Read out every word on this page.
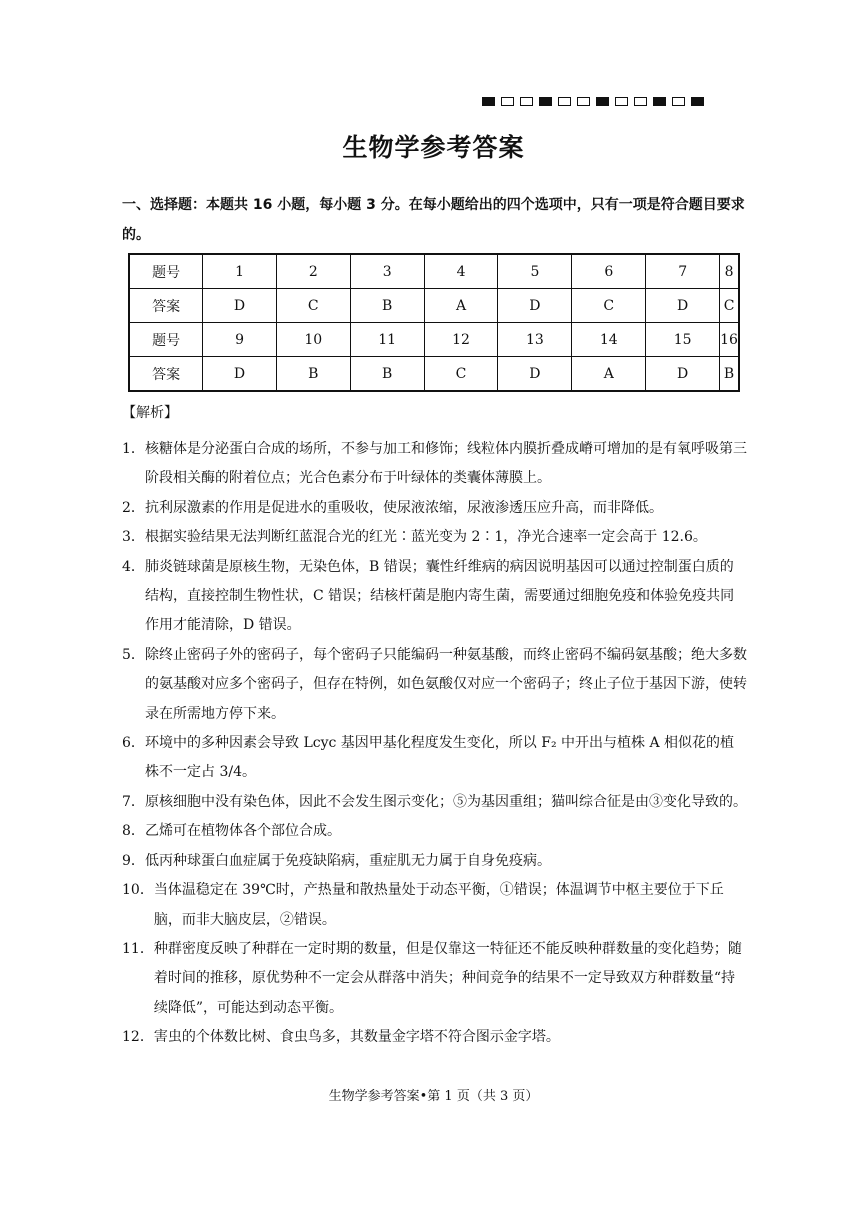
生物学参考答案
一、选择题：本题共 16 小题，每小题 3 分。在每小题给出的四个选项中，只有一项是符合题目要求的。
题号	1	2	3	4	5	6	7	8
答案	D	C	B	A	D	C	D	C
题号	9	10	11	12	13	14	15	16
答案	D	B	B	C	D	A	D	B
【解析】
1． 核糖体是分泌蛋白合成的场所，不参与加工和修饰；线粒体内膜折叠成嵴可增加的是有氧呼吸第三阶段相关酶的附着位点；光合色素分布于叶绿体的类囊体薄膜上。
2． 抗利尿激素的作用是促进水的重吸收，使尿液浓缩，尿液渗透压应升高，而非降低。
3． 根据实验结果无法判断红蓝混合光的红光∶蓝光变为 2∶1，净光合速率一定会高于 12.6。
4． 肺炎链球菌是原核生物，无染色体，B 错误；囊性纤维病的病因说明基因可以通过控制蛋白质的结构，直接控制生物性状，C 错误；结核杆菌是胞内寄生菌，需要通过细胞免疫和体验免疫共同作用才能清除，D 错误。
5． 除终止密码子外的密码子，每个密码子只能编码一种氨基酸，而终止密码不编码氨基酸；绝大多数的氨基酸对应多个密码子，但存在特例，如色氨酸仅对应一个密码子；终止子位于基因下游，使转录在所需地方停下来。
6． 环境中的多种因素会导致 Lcyc 基因甲基化程度发生变化，所以 F₂ 中开出与植株 A 相似花的植株不一定占 3/4。
7． 原核细胞中没有染色体，因此不会发生图示变化；⑤为基因重组；猫叫综合征是由③变化导致的。
8． 乙烯可在植物体各个部位合成。
9． 低丙种球蛋白血症属于免疫缺陷病，重症肌无力属于自身免疫病。
10． 当体温稳定在 39℃时，产热量和散热量处于动态平衡，①错误；体温调节中枢主要位于下丘脑，而非大脑皮层，②错误。
11． 种群密度反映了种群在一定时期的数量，但是仅靠这一特征还不能反映种群数量的变化趋势；随着时间的推移，原优势种不一定会从群落中消失；种间竞争的结果不一定导致双方种群数量“持续降低”，可能达到动态平衡。
12． 害虫的个体数比树、食虫鸟多，其数量金字塔不符合图示金字塔。
生物学参考答案•第 1 页（共 3 页）
